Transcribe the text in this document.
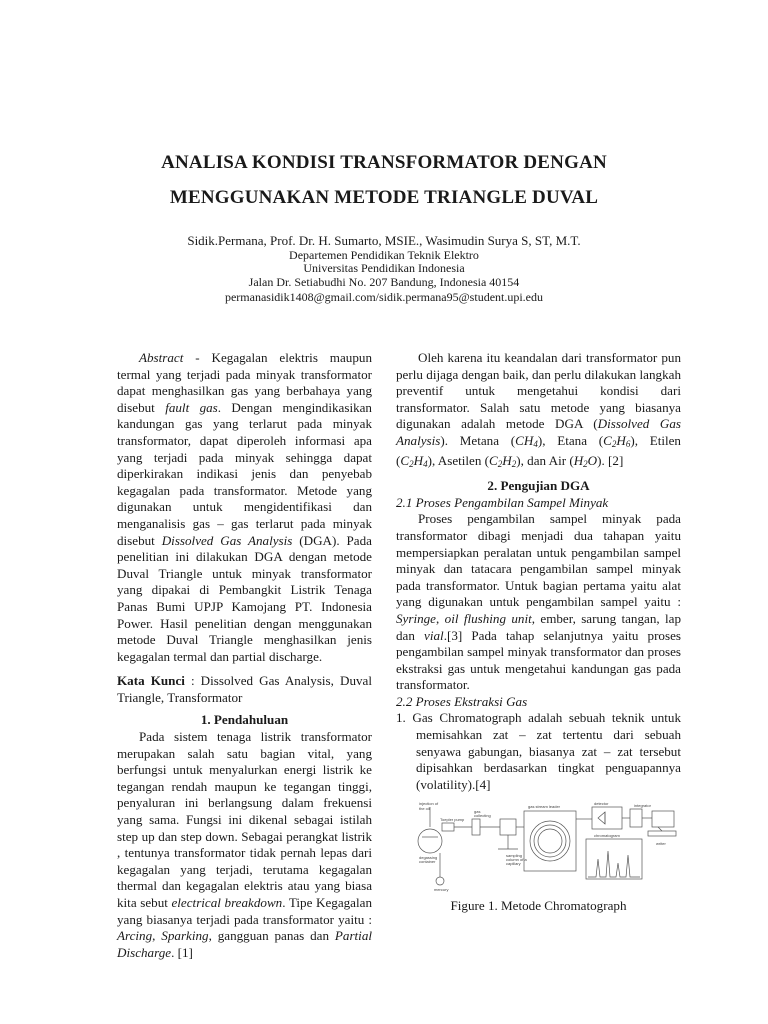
ANALISA KONDISI TRANSFORMATOR DENGAN
MENGGUNAKAN METODE TRIANGLE DUVAL
Sidik.Permana, Prof. Dr. H. Sumarto, MSIE., Wasimudin Surya S, ST, M.T.
Departemen Pendidikan Teknik Elektro
Universitas Pendidikan Indonesia
Jalan Dr. Setiabudhi No. 207 Bandung, Indonesia 40154
permanasidik1408@gmail.com/sidik.permana95@student.upi.edu

Abstract - Kegagalan elektris maupun termal yang terjadi pada minyak transformator dapat menghasilkan gas yang berbahaya yang disebut fault gas. Dengan mengindikasikan kandungan gas yang terlarut pada minyak transformator, dapat diperoleh informasi apa yang terjadi pada minyak sehingga dapat diperkirakan indikasi jenis dan penyebab kegagalan pada transformator. Metode yang digunakan untuk mengidentifikasi dan menganalisis gas – gas terlarut pada minyak disebut Dissolved Gas Analysis (DGA). Pada penelitian ini dilakukan DGA dengan metode Duval Triangle untuk minyak transformator yang dipakai di Pembangkit Listrik Tenaga Panas Bumi UPJP Kamojang PT. Indonesia Power. Hasil penelitian dengan menggunakan metode Duval Triangle menghasilkan jenis kegagalan termal dan partial discharge.

Kata Kunci : Dissolved Gas Analysis, Duval Triangle, Transformator

1. Pendahuluan

Pada sistem tenaga listrik transformator merupakan salah satu bagian vital, yang berfungsi untuk menyalurkan energi listrik ke tegangan rendah maupun ke tegangan tinggi, penyaluran ini berlangsung dalam frekuensi yang sama. Fungsi ini dikenal sebagai istilah step up dan step down. Sebagai perangkat listrik , tentunya transformator tidak pernah lepas dari kegagalan yang terjadi, terutama kegagalan thermal dan kegagalan elektris atau yang biasa kita sebut electrical breakdown. Tipe Kegagalan yang biasanya terjadi pada transformator yaitu : Arcing, Sparking, gangguan panas dan Partial Discharge. [1]

Oleh karena itu keandalan dari transformator pun perlu dijaga dengan baik, dan perlu dilakukan langkah preventif untuk mengetahui kondisi dari transformator. Salah satu metode yang biasanya digunakan adalah metode DGA (Dissolved Gas Analysis). Metana $(CH_4)$, Etana $(C_2H_6)$, Etilen $(C_2H_4)$, Asetilen $(C_2H_2)$, dan Air $(H_2O)$. [2]

2. Pengujian DGA

2.1 Proses Pengambilan Sampel Minyak

Proses pengambilan sampel minyak pada transformator dibagi menjadi dua tahapan yaitu mempersiapkan peralatan untuk pengambilan sampel minyak dan tatacara pengambilan sampel minyak pada transformator. Untuk bagian pertama yaitu alat yang digunakan untuk pengambilan sampel yaitu : Syringe, oil flushing unit, ember, sarung tangan, lap dan vial.[3] Pada tahap selanjutnya yaitu proses pengambilan sampel minyak transformator dan proses ekstraksi gas untuk mengetahui kandungan gas pada transformator.

2.2 Proses Ekstraksi Gas

1. Gas Chromatograph adalah sebuah teknik untuk memisahkan zat – zat tertentu dari sebuah senyawa gabungan, biasanya zat – zat tersebut dipisahkan berdasarkan tingkat penguapannya (volatility).[4]

injection of
the oil
Toepler pump
gas
collecting
gas stream leader
detector	integrator
degassing
container
sampling
column of a
capillary
mercury
chromatogram
writer

Figure 1. Metode Chromatograph
